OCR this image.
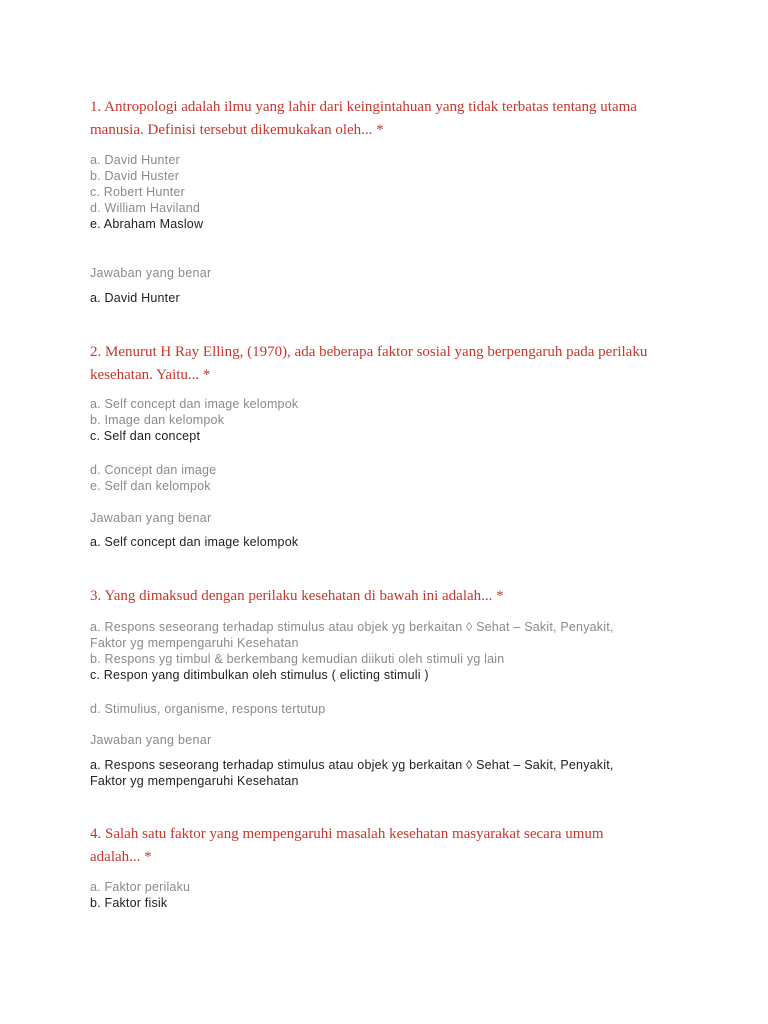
1. Antropologi adalah ilmu yang lahir dari keingintahuan yang tidak terbatas tentang utama manusia. Definisi tersebut dikemukakan oleh... *
a. David Hunter
b. David Huster
c. Robert Hunter
d. William Haviland
e. Abraham Maslow
Jawaban yang benar
a. David Hunter
2. Menurut H Ray Elling, (1970), ada beberapa faktor sosial yang berpengaruh pada perilaku kesehatan. Yaitu... *
a. Self concept dan image kelompok
b. Image dan kelompok
c. Self dan concept
d. Concept dan image
e. Self dan kelompok
Jawaban yang benar
a. Self concept dan image kelompok
3. Yang dimaksud dengan perilaku kesehatan di bawah ini adalah... *
a. Respons seseorang terhadap stimulus atau objek yg berkaitan ◊ Sehat – Sakit, Penyakit, Faktor yg mempengaruhi Kesehatan
b. Respons yg timbul & berkembang kemudian diikuti oleh stimuli yg lain
c. Respon yang ditimbulkan oleh stimulus ( elicting stimuli )
d. Stimulius, organisme, respons tertutup
Jawaban yang benar
a. Respons seseorang terhadap stimulus atau objek yg berkaitan ◊ Sehat – Sakit, Penyakit, Faktor yg mempengaruhi Kesehatan
4. Salah satu faktor yang mempengaruhi masalah kesehatan masyarakat secara umum adalah... *
a. Faktor perilaku
b. Faktor fisik
